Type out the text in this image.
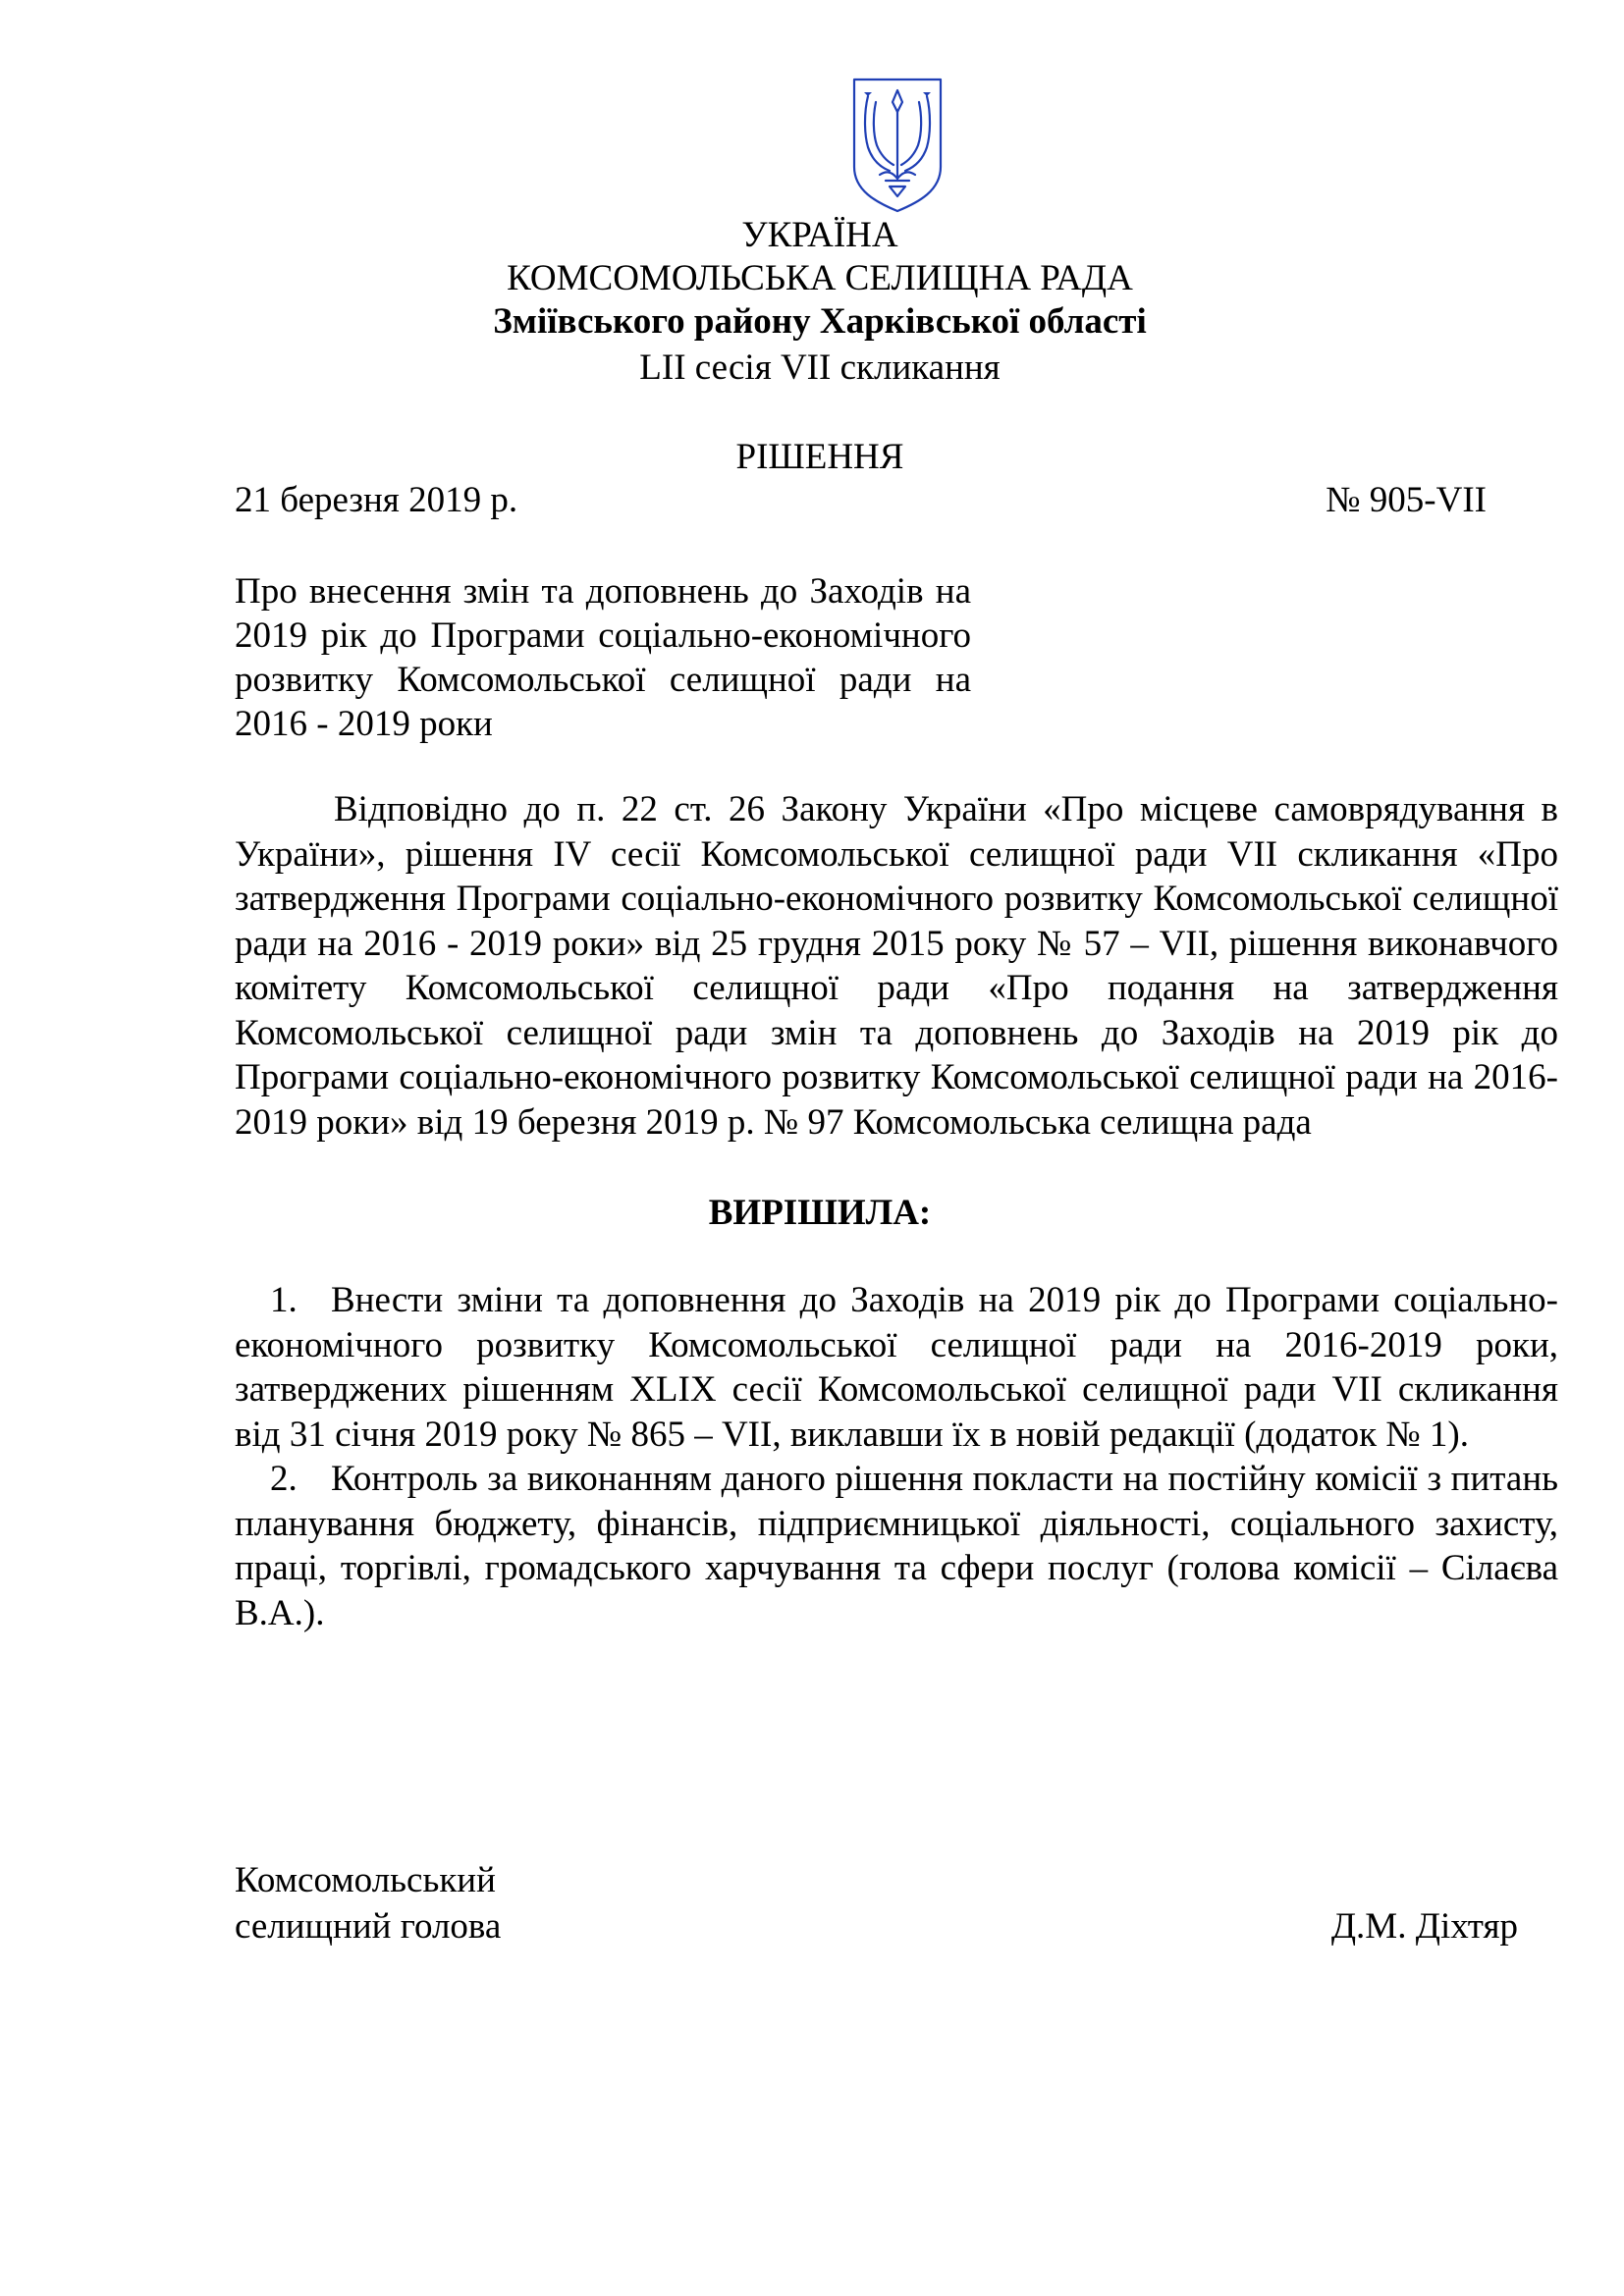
УКРАЇНА
КОМСОМОЛЬСЬКА СЕЛИЩНА РАДА
Зміївського району Харківської області
LII сесія VII скликання
РІШЕННЯ
21 березня 2019 р.	№ 905-VII
Про внесення змін та доповнень до Заходів на 2019 рік до Програми соціально-економічного розвитку Комсомольської селищної ради на 2016 - 2019 роки
Відповідно до п. 22 ст. 26 Закону України «Про місцеве самоврядування в України», рішення IV сесії Комсомольської селищної ради VII скликання «Про затвердження Програми соціально-економічного розвитку Комсомольської селищної ради на 2016 - 2019 роки» від 25 грудня 2015 року № 57 – VII, рішення виконавчого комітету Комсомольської селищної ради «Про подання на затвердження Комсомольської селищної ради змін та доповнень до Заходів на 2019 рік до Програми соціально-економічного розвитку Комсомольської селищної ради на 2016-2019 роки» від 19 березня 2019 р. № 97 Комсомольська селищна рада
ВИРІШИЛА:
1. Внести зміни та доповнення до Заходів на 2019 рік до Програми соціально-економічного розвитку Комсомольської селищної ради на 2016-2019 роки, затверджених рішенням XLIX сесії Комсомольської селищної ради VII скликання від 31 січня 2019 року № 865 – VII, виклавши їх в новій редакції (додаток № 1).
2. Контроль за виконанням даного рішення покласти на постійну комісії з питань планування бюджету, фінансів, підприємницької діяльності, соціального захисту, праці, торгівлі, громадського харчування та сфери послуг (голова комісії – Сілаєва В.А.).
Комсомольський
селищний голова	Д.М. Діхтяр
